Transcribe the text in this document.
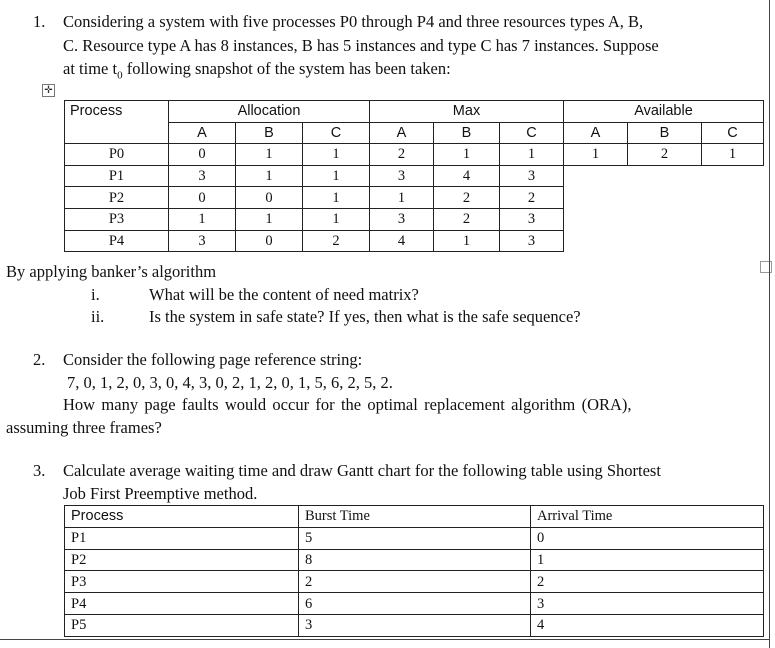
1. Considering a system with five processes P0 through P4 and three resources types A, B,
C. Resource type A has 8 instances, B has 5 instances and type C has 7 instances. Suppose
at time $t_0$ following snapshot of the system has been taken:
✛
Process	Allocation			Max			Available		
	A	B	C	A	B	C	A	B	C
P0	0	1	1	2	1	1	1	2	1
P1	3	1	1	3	4	3			
P2	0	0	1	1	2	2			
P3	1	1	1	3	2	3			
P4	3	0	2	4	1	3			
By applying banker’s algorithm
i.	What will be the content of need matrix?
ii.	Is the system in safe state? If yes, then what is the safe sequence?
2. Consider the following page reference string:
7, 0, 1, 2, 0, 3, 0, 4, 3, 0, 2, 1, 2, 0, 1, 5, 6, 2, 5, 2.
How many page faults would occur for the optimal replacement algorithm (ORA),
assuming three frames?
3. Calculate average waiting time and draw Gantt chart for the following table using Shortest
Job First Preemptive method.
Process	Burst Time	Arrival Time
P1	5	0
P2	8	1
P3	2	2
P4	6	3
P5	3	4
